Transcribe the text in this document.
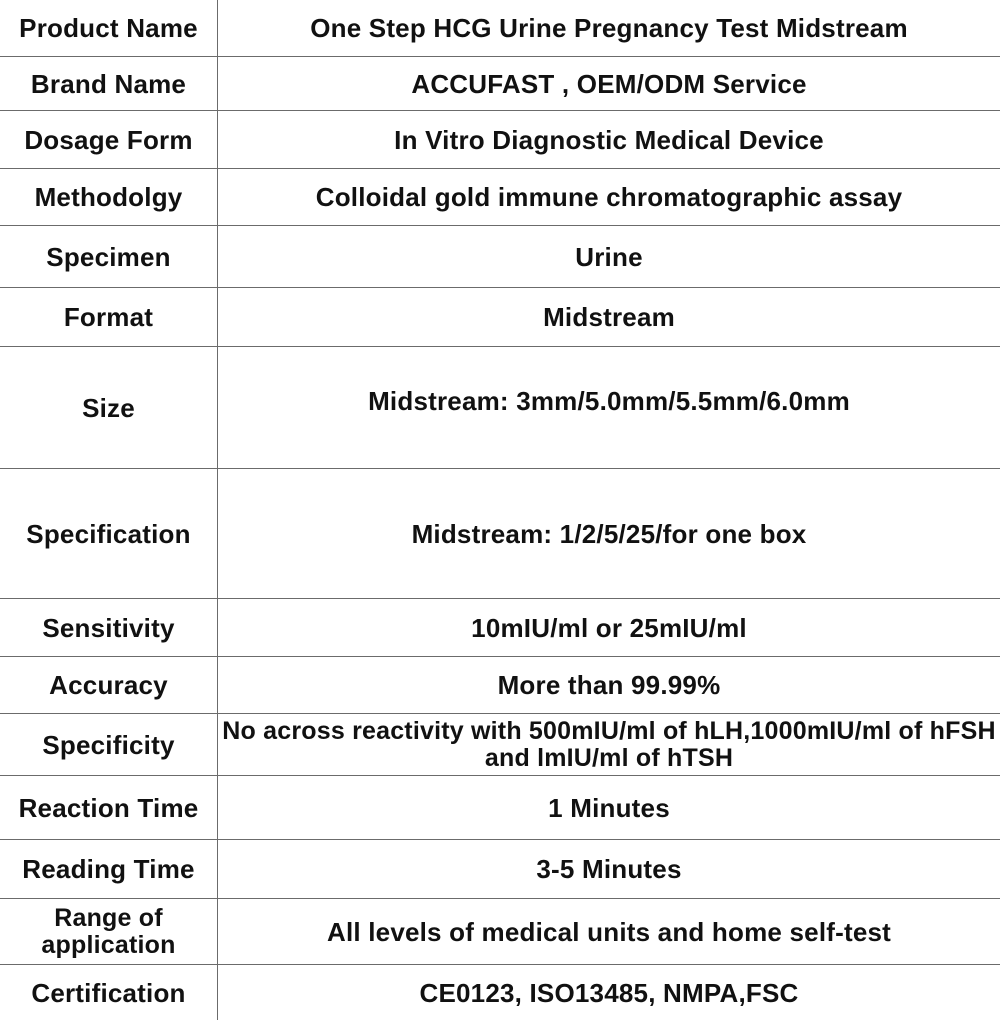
Product Name	One Step HCG Urine Pregnancy Test Midstream
Brand Name	ACCUFAST , OEM/ODM Service
Dosage Form	In Vitro Diagnostic Medical Device
Methodolgy	Colloidal gold immune chromatographic assay
Specimen	Urine
Format	Midstream
Size	Midstream: 3mm/5.0mm/5.5mm/6.0mm
Specification	Midstream: 1/2/5/25/for one box
Sensitivity	10mIU/ml or 25mIU/ml
Accuracy	More than 99.99%
Specificity No across reactivity with 500mIU/ml of hLH,1000mIU/ml of hFSH and lmIU/ml of hTSH
Reaction Time	1 Minutes
Reading Time	3-5 Minutes
Range of application	All levels of medical units and home self-test
Certification	CE0123, ISO13485, NMPA,FSC
